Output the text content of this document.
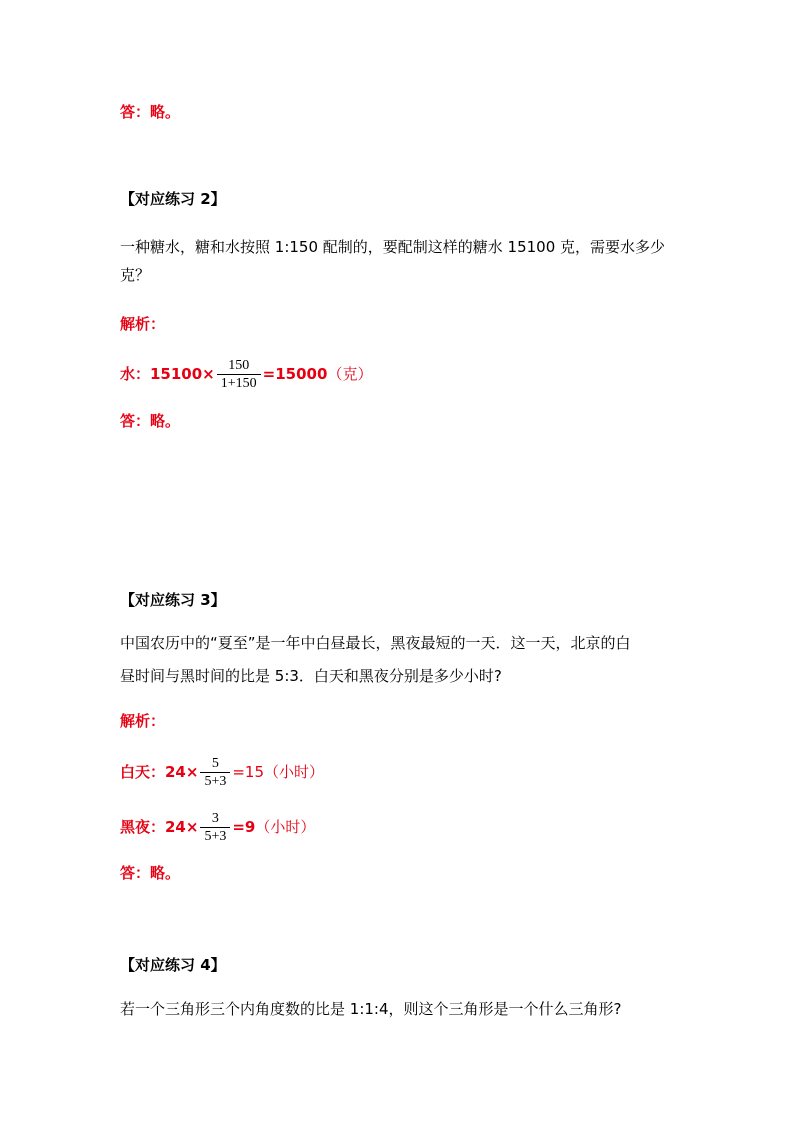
答：略。
【对应练习 2】
一种糖水，糖和水按照 1:150 配制的，要配制这样的糖水 15100 克，需要水多少
克？
解析：
水：$15100\times \frac{150}{1+150} =15000$（克）
答：略。
【对应练习 3】
中国农历中的“夏至”是一年中白昼最长，黑夜最短的一天．这一天，北京的白
昼时间与黑时间的比是 5:3．白天和黑夜分别是多少小时?
解析：
白天：$24\times \frac{5}{5+3} =15$（小时）
黑夜：$24\times \frac{3}{5+3} =9$（小时）
答：略。
【对应练习 4】
若一个三角形三个内角度数的比是 1:1:4，则这个三角形是一个什么三角形?
